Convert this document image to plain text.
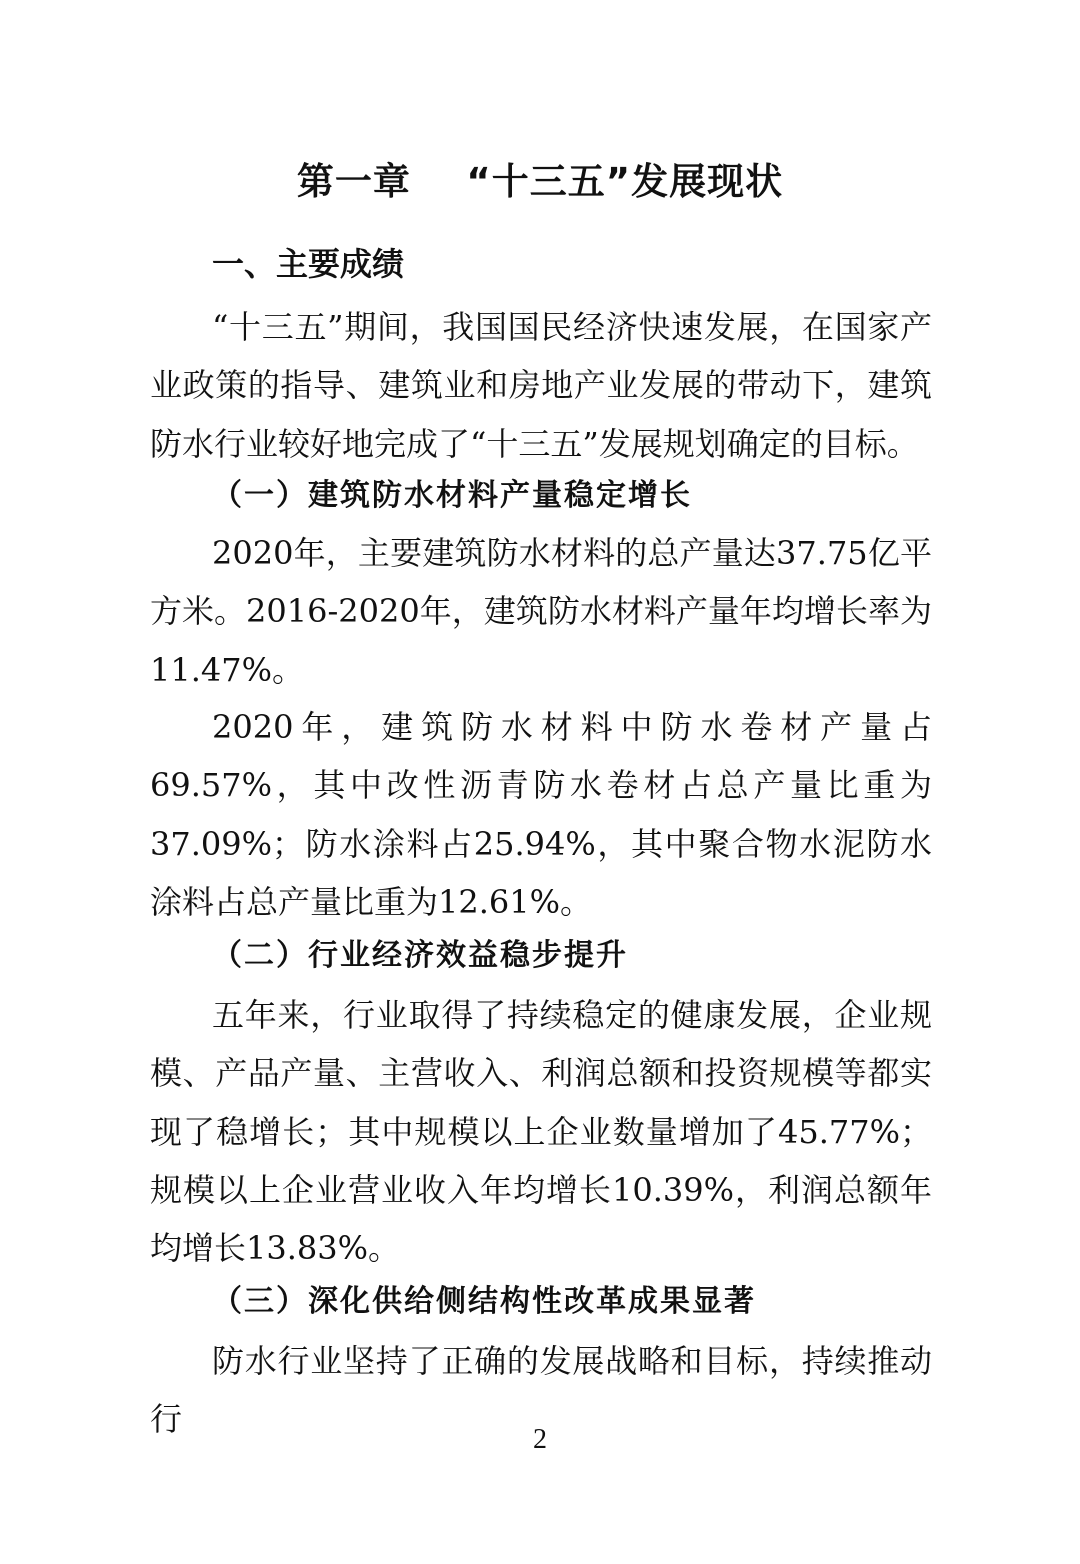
第一章    “十三五”发展现状
一、主要成绩
“十三五”期间，我国国民经济快速发展，在国家产业政策的指导、建筑业和房地产业发展的带动下，建筑防水行业较好地完成了“十三五”发展规划确定的目标。
（一）建筑防水材料产量稳定增长
2020年，主要建筑防水材料的总产量达37.75亿平方米。2016-2020年，建筑防水材料产量年均增长率为11.47%。
2020年，建筑防水材料中防水卷材产量占69.57%，其中改性沥青防水卷材占总产量比重为37.09%；防水涂料占25.94%，其中聚合物水泥防水涂料占总产量比重为12.61%。
（二）行业经济效益稳步提升
五年来，行业取得了持续稳定的健康发展，企业规模、产品产量、主营收入、利润总额和投资规模等都实现了稳增长；其中规模以上企业数量增加了45.77%；规模以上企业营业收入年均增长10.39%，利润总额年均增长13.83%。
（三）深化供给侧结构性改革成果显著
防水行业坚持了正确的发展战略和目标，持续推动行
2
